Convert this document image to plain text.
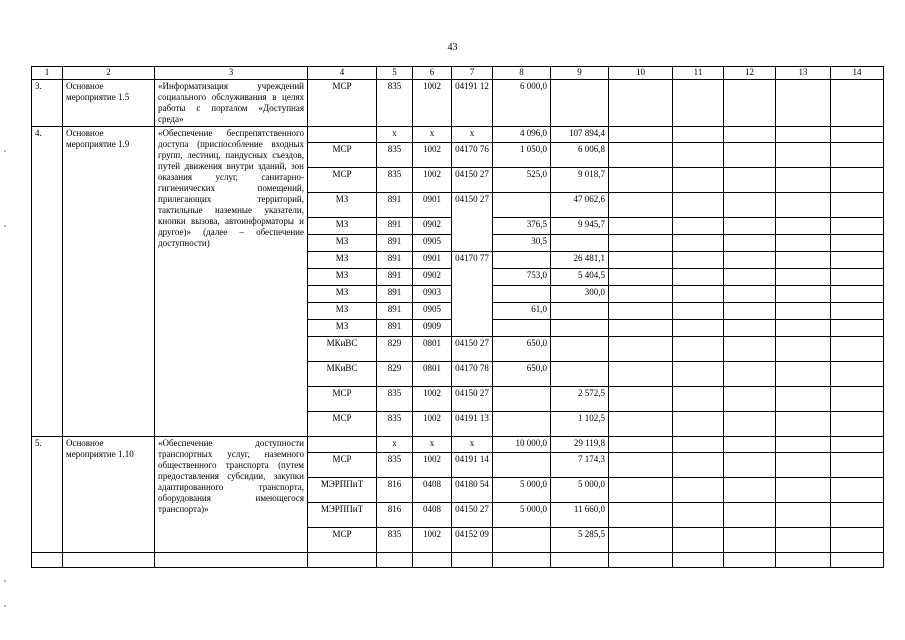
43
1	2	3	4	5	6	7	8	9	10	11	12	13	14
3.	Основное мероприятие 1.5	«Информатизация учреждений социального обслуживания в целях работы с порталом «Доступная среда»	МСР	835	1002	04191 12	6 000,0						
4.	Основное мероприятие 1.9	«Обеспечение беспрепятственного доступа (приспособление входных групп, лестниц, пандусных съездов, путей движения внутри зданий, зон оказания услуг, санитарно-гигиенических помещений, прилегающих территорий, тактильные наземные указатели, кнопки вызова, автоинформаторы и другое)» (далее – обеспечение доступности)		х	х	х	4 096,0	107 894,4					
			МСР	835	1002	04170 76	1 050,0	6 006,8					
			МСР	835	1002	04150 27	525,0	9 018,7					
			МЗ	891	0901	04150 27		47 062,6					
			МЗ	891	0902		376,5	9 945,7					
			МЗ	891	0905		30,5						
			МЗ	891	0901	04170 77		26 481,1					
			МЗ	891	0902		753,0	5 404,5					
			МЗ	891	0903			300,0					
			МЗ	891	0905		61,0						
			МЗ	891	0909								
			МКиВС	829	0801	04150 27	650,0						
			МКиВС	829	0801	04170 78	650,0						
			МСР	835	1002	04150 27		2 572,5					
			МСР	835	1002	04191 13		1 102,5					
5.	Основное мероприятие 1.10	«Обеспечение доступности транспортных услуг, наземного общественного транспорта (путем предоставления субсидии, закупки адаптированного транспорта, оборудования имеющегося транспорта)»		х	х	х	10 000,0	29 119,8					
			МСР	835	1002	04191 14		7 174,3					
			МЭРППиТ	816	0408	04180 54	5 000,0	5 000,0					
			МЭРППиТ	816	0408	04150 27	5 000,0	11 660,0					
			МСР	835	1002	04152 09		5 285,5					
